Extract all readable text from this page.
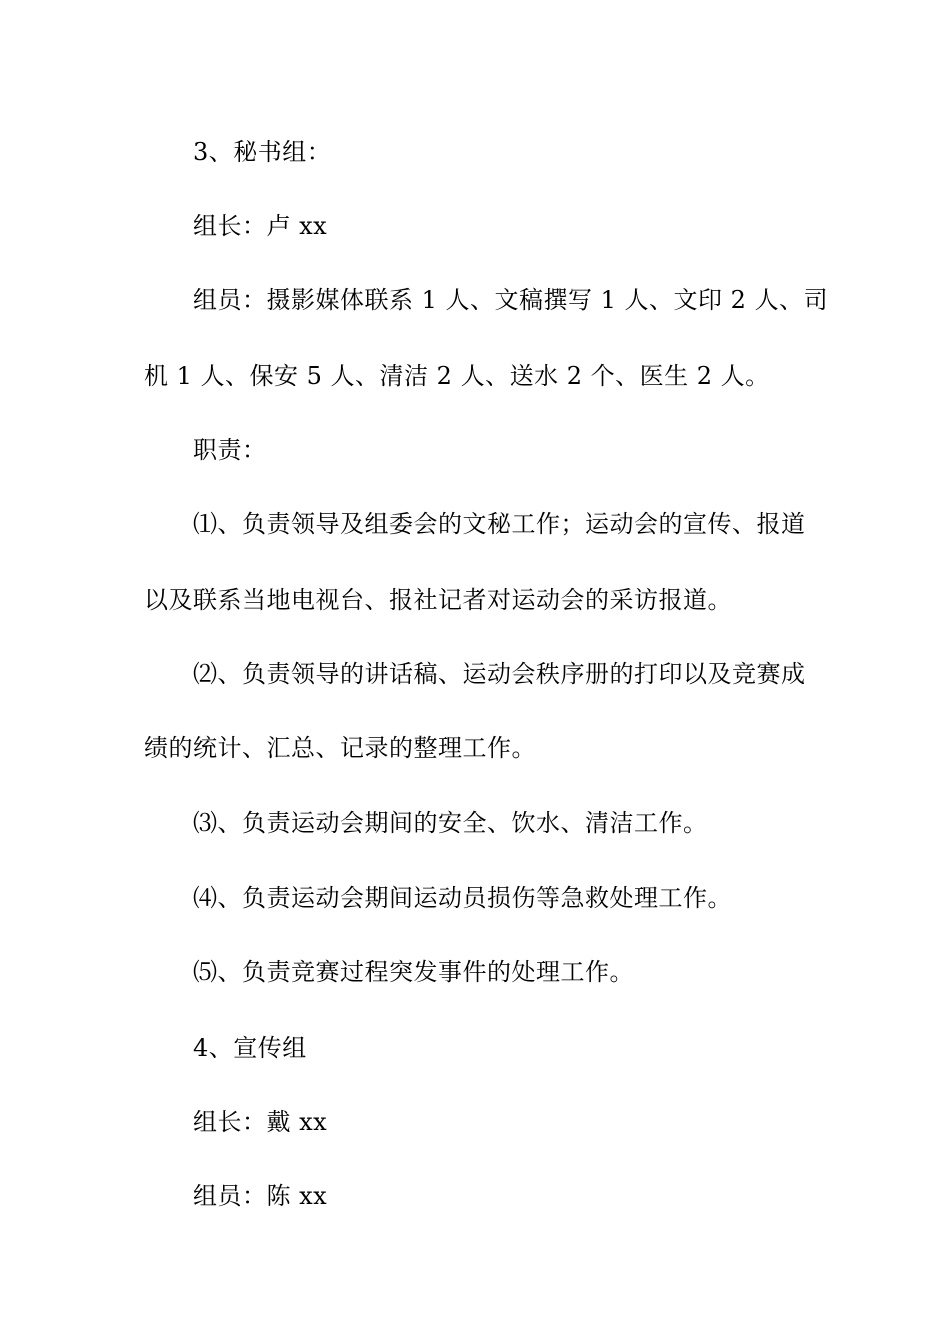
3、秘书组：
组长：卢 xx
组员：摄影媒体联系 1 人、文稿撰写 1 人、文印 2 人、司
机 1 人、保安 5 人、清洁 2 人、送水 2 个、医生 2 人。
职责：
⑴、负责领导及组委会的文秘工作；运动会的宣传、报道
以及联系当地电视台、报社记者对运动会的采访报道。
⑵、负责领导的讲话稿、运动会秩序册的打印以及竞赛成
绩的统计、汇总、记录的整理工作。
⑶、负责运动会期间的安全、饮水、清洁工作。
⑷、负责运动会期间运动员损伤等急救处理工作。
⑸、负责竞赛过程突发事件的处理工作。
4、宣传组
组长：戴 xx
组员：陈 xx
